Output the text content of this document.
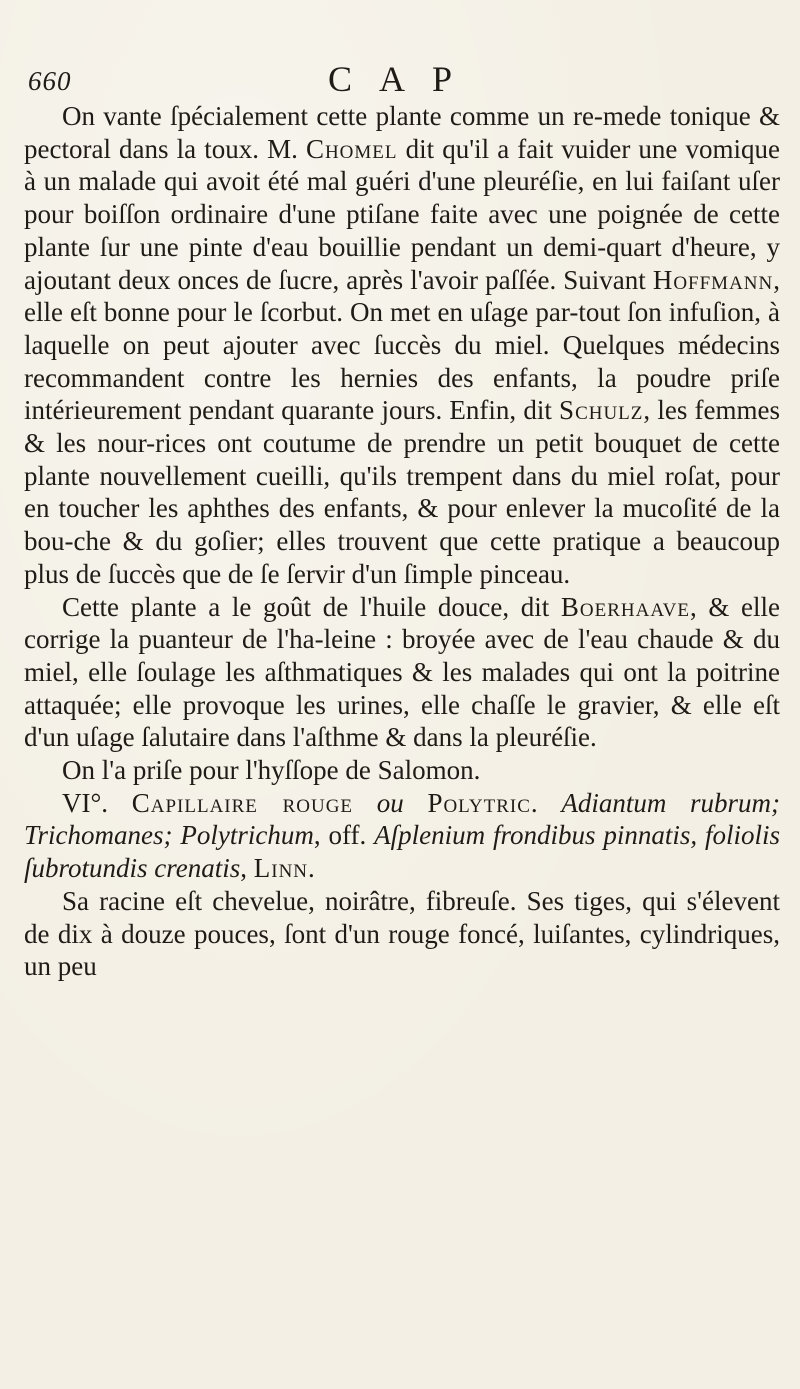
660	C A P

On vante ſpécialement cette plante comme un re-mede tonique & pectoral dans la toux. M. Chomel dit qu'il a fait vuider une vomique à un malade qui avoit été mal guéri d'une pleuréſie, en lui faiſant uſer pour boiſſon ordinaire d'une ptiſane faite avec une poignée de cette plante ſur une pinte d'eau bouillie pendant un demi-quart d'heure, y ajoutant deux onces de ſucre, après l'avoir paſſée. Suivant Hoffmann, elle eſt bonne pour le ſcorbut. On met en uſage par-tout ſon infuſion, à laquelle on peut ajouter avec ſuccès du miel. Quelques médecins recommandent contre les hernies des enfants, la poudre priſe intérieurement pendant quarante jours. Enfin, dit Schulz, les femmes & les nour-rices ont coutume de prendre un petit bouquet de cette plante nouvellement cueilli, qu'ils trempent dans du miel roſat, pour en toucher les aphthes des enfants, & pour enlever la mucoſité de la bou-che & du goſier; elles trouvent que cette pratique a beaucoup plus de ſuccès que de ſe ſervir d'un ſimple pinceau.

Cette plante a le goût de l'huile douce, dit Boerhaave, & elle corrige la puanteur de l'ha-leine : broyée avec de l'eau chaude & du miel, elle ſoulage les aſthmatiques & les malades qui ont la poitrine attaquée; elle provoque les urines, elle chaſſe le gravier, & elle eſt d'un uſage ſalutaire dans l'aſthme & dans la pleuréſie.

On l'a priſe pour l'hyſſope de Salomon.

VI°. Capillaire rouge ou Polytric. Adiantum rubrum; Trichomanes; Polytrichum, off. Aſplenium frondibus pinnatis, foliolis ſubrotundis crenatis, Linn.

Sa racine eſt chevelue, noirâtre, fibreuſe. Ses tiges, qui s'élevent de dix à douze pouces, ſont d'un rouge foncé, luiſantes, cylindriques, un peu
